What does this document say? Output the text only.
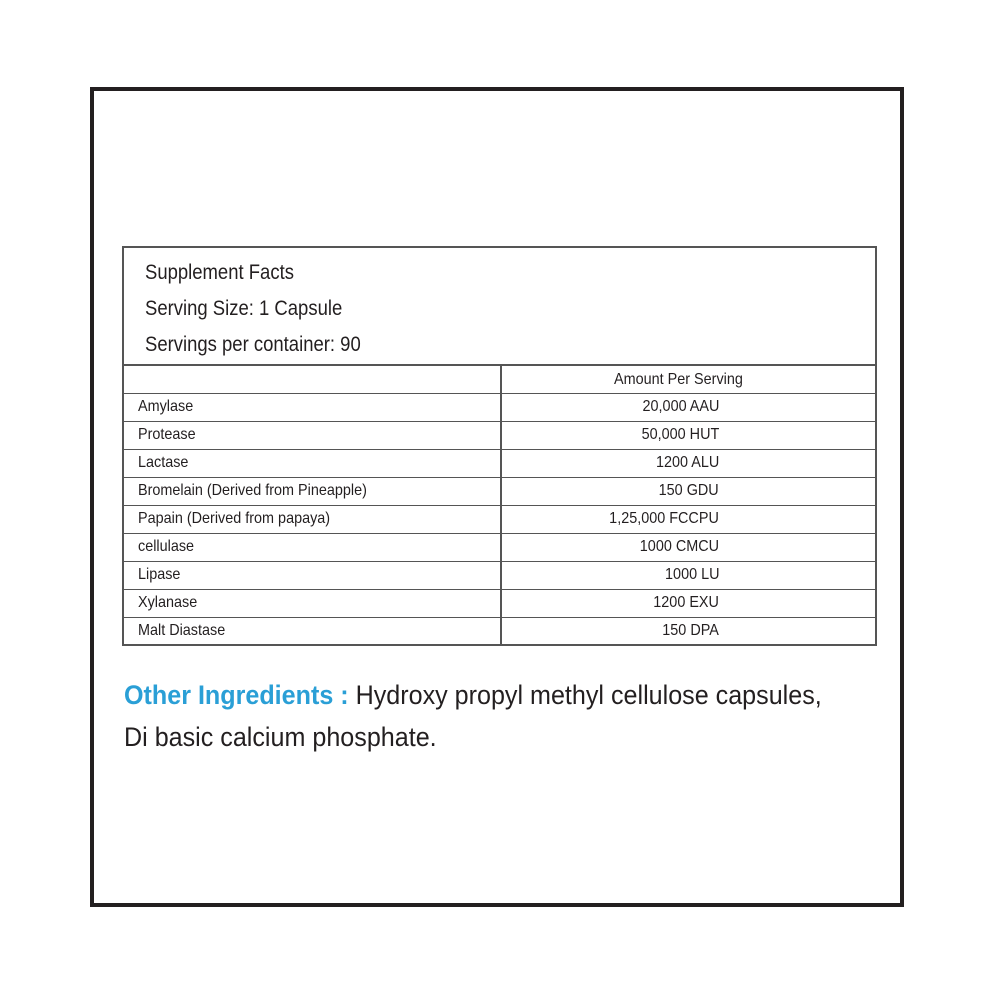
Supplement Facts
Serving Size: 1 Capsule
Servings per container: 90
Amount Per Serving
Amylase	20,000 AAU
Protease	50,000 HUT
Lactase	1200 ALU
Bromelain (Derived from Pineapple)	150 GDU
Papain (Derived from papaya)	1,25,000 FCCPU
cellulase	1000 CMCU
Lipase	1000 LU
Xylanase	1200 EXU
Malt Diastase	150 DPA
Other Ingredients : Hydroxy propyl methyl cellulose capsules,
Di basic calcium phosphate.
